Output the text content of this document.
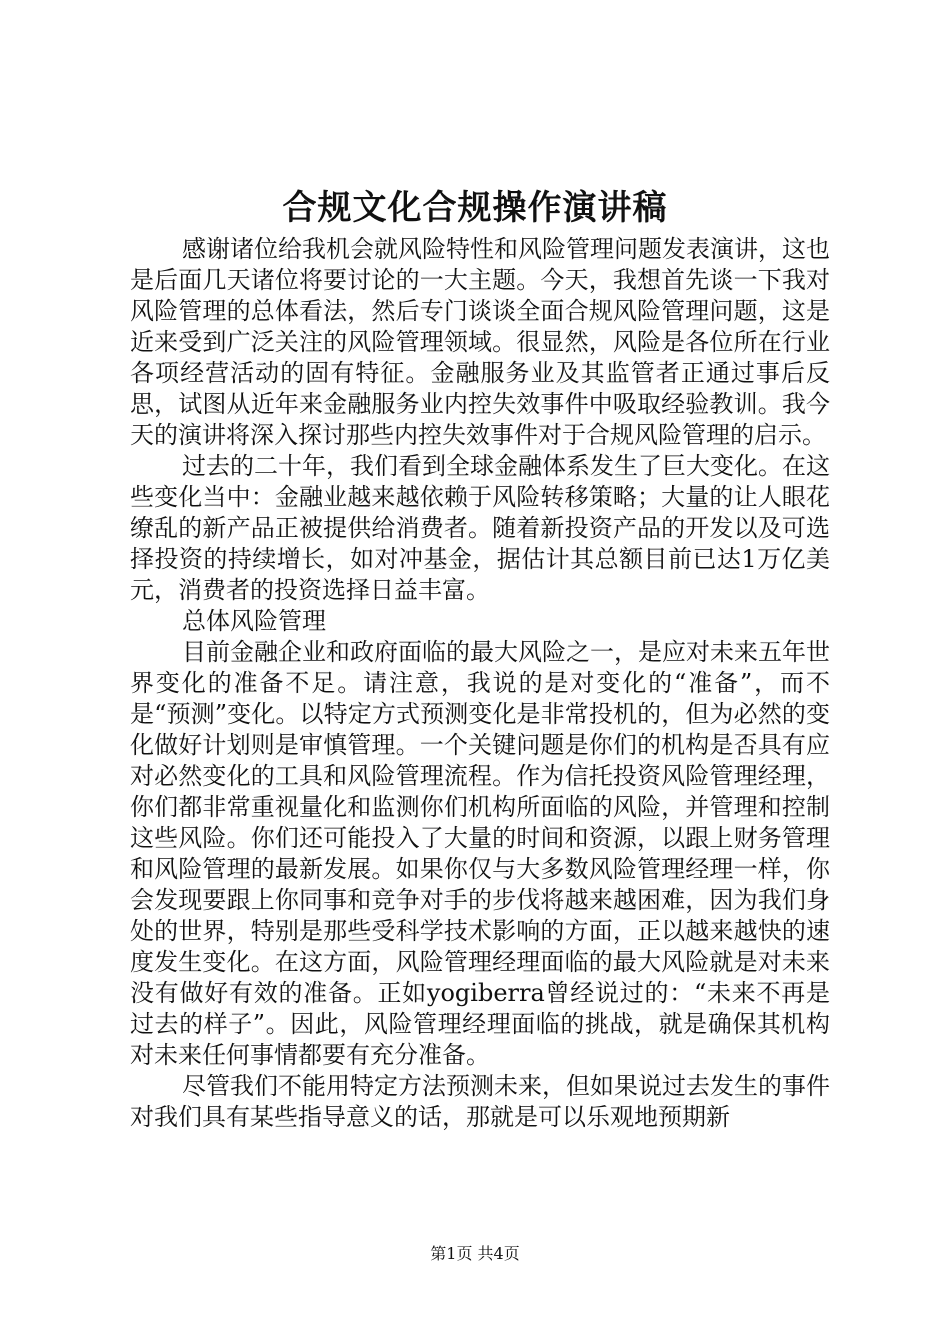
合规文化合规操作演讲稿

感谢诸位给我机会就风险特性和风险管理问题发表演讲，这也是后面几天诸位将要讨论的一大主题。今天，我想首先谈一下我对风险管理的总体看法，然后专门谈谈全面合规风险管理问题，这是近来受到广泛关注的风险管理领域。很显然，风险是各位所在行业各项经营活动的固有特征。金融服务业及其监管者正通过事后反思，试图从近年来金融服务业内控失效事件中吸取经验教训。我今天的演讲将深入探讨那些内控失效事件对于合规风险管理的启示。

过去的二十年，我们看到全球金融体系发生了巨大变化。在这些变化当中：金融业越来越依赖于风险转移策略；大量的让人眼花缭乱的新产品正被提供给消费者。随着新投资产品的开发以及可选择投资的持续增长，如对冲基金，据估计其总额目前已达1万亿美元，消费者的投资选择日益丰富。

总体风险管理

目前金融企业和政府面临的最大风险之一，是应对未来五年世界变化的准备不足。请注意，我说的是对变化的“准备”，而不是“预测”变化。以特定方式预测变化是非常投机的，但为必然的变化做好计划则是审慎管理。一个关键问题是你们的机构是否具有应对必然变化的工具和风险管理流程。作为信托投资风险管理经理，你们都非常重视量化和监测你们机构所面临的风险，并管理和控制这些风险。你们还可能投入了大量的时间和资源，以跟上财务管理和风险管理的最新发展。如果你仅与大多数风险管理经理一样，你会发现要跟上你同事和竞争对手的步伐将越来越困难，因为我们身处的世界，特别是那些受科学技术影响的方面，正以越来越快的速度发生变化。在这方面，风险管理经理面临的最大风险就是对未来没有做好有效的准备。正如yogiberra曾经说过的：“未来不再是过去的样子”。因此，风险管理经理面临的挑战，就是确保其机构对未来任何事情都要有充分准备。

尽管我们不能用特定方法预测未来，但如果说过去发生的事件对我们具有某些指导意义的话，那就是可以乐观地预期新

第1页 共4页
